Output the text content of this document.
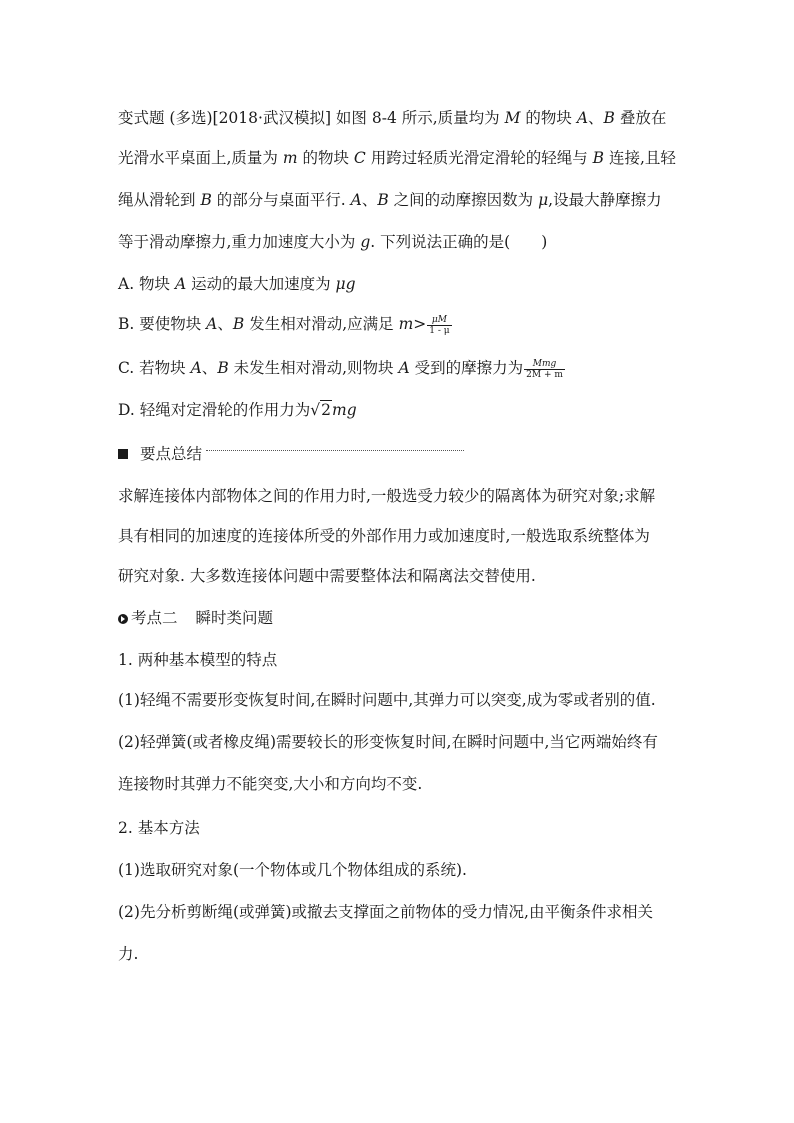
变式题 (多选)[2018·武汉模拟] 如图 8-4 所示,质量均为 M 的物块 A、B 叠放在
光滑水平桌面上,质量为 m 的物块 C 用跨过轻质光滑定滑轮的轻绳与 B 连接,且轻
绳从滑轮到 B 的部分与桌面平行. A、B 之间的动摩擦因数为 μ,设最大静摩擦力
等于滑动摩擦力,重力加速度大小为 g. 下列说法正确的是(　　)
A. 物块 A 运动的最大加速度为 μg
B. 要使物块 A、B 发生相对滑动,应满足 $m> \frac{\mu M}{1 - \mu}$
C. 若物块 A、B 未发生相对滑动,则物块 A 受到的摩擦力为 $\frac{\text{Mmg}}{2M + m}$
D. 轻绳对定滑轮的作用力为√2mg
要点总结
求解连接体内部物体之间的作用力时,一般选受力较少的隔离体为研究对象;求解
具有相同的加速度的连接体所受的外部作用力或加速度时,一般选取系统整体为
研究对象. 大多数连接体问题中需要整体法和隔离法交替使用.
考点二 瞬时类问题
1. 两种基本模型的特点
(1)轻绳不需要形变恢复时间,在瞬时问题中,其弹力可以突变,成为零或者别的值.
(2)轻弹簧(或者橡皮绳)需要较长的形变恢复时间,在瞬时问题中,当它两端始终有
连接物时其弹力不能突变,大小和方向均不变.
2. 基本方法
(1)选取研究对象(一个物体或几个物体组成的系统).
(2)先分析剪断绳(或弹簧)或撤去支撑面之前物体的受力情况,由平衡条件求相关
力.
